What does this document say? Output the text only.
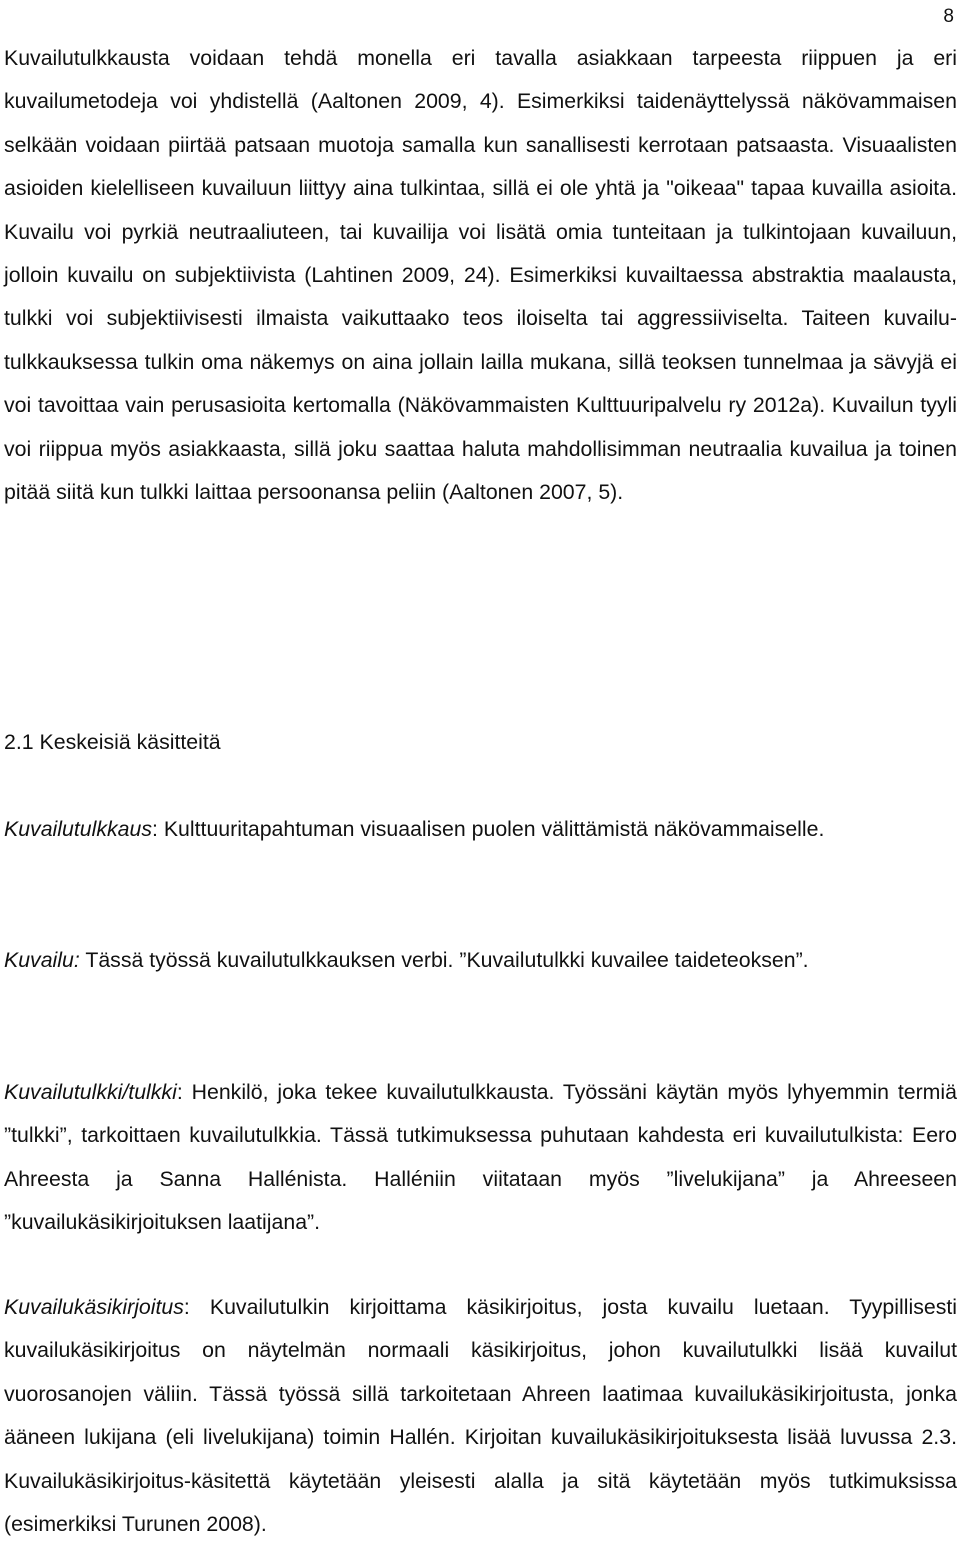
8

Kuvailutulkkausta voidaan tehdä monella eri tavalla asiakkaan tarpeesta riippuen ja eri kuvailumetodeja voi yhdistellä (Aaltonen 2009, 4). Esimerkiksi taidenäyttelyssä näkövammaisen selkään voidaan piirtää patsaan muotoja samalla kun sanallisesti kerrotaan patsaasta. Visuaalisten asioiden kielelliseen kuvailuun liittyy aina tulkintaa, sillä ei ole yhtä ja "oikeaa" tapaa kuvailla asioita. Kuvailu voi pyrkiä neutraaliuteen, tai kuvailija voi lisätä omia tunteitaan ja tulkintojaan kuvailuun, jolloin kuvailu on subjektiivista (Lahtinen 2009, 24). Esimerkiksi kuvailtaessa abstraktia maalausta, tulkki voi subjektiivisesti ilmaista vaikuttaako teos iloiselta tai aggressiiviselta. Taiteen kuvailutulkkauksessa tulkin oma näkemys on aina jollain lailla mukana, sillä teoksen tunnelmaa ja sävyjä ei voi tavoittaa vain perusasioita kertomalla (Näkövammaisten Kulttuuripalvelu ry 2012a). Kuvailun tyyli voi riippua myös asiakkaasta, sillä joku saattaa haluta mahdollisimman neutraalia kuvailua ja toinen pitää siitä kun tulkki laittaa persoonansa peliin (Aaltonen 2007, 5).

2.1 Keskeisiä käsitteitä

Kuvailutulkkaus: Kulttuuritapahtuman visuaalisen puolen välittämistä näkövammaiselle.

Kuvailu: Tässä työssä kuvailutulkkauksen verbi. ”Kuvailutulkki kuvailee taideteoksen”.

Kuvailutulkki/tulkki: Henkilö, joka tekee kuvailutulkkausta. Työssäni käytän myös lyhyemmin termiä ”tulkki”, tarkoittaen kuvailutulkkia. Tässä tutkimuksessa puhutaan kahdesta eri kuvailutulkista: Eero Ahreesta ja Sanna Hallénista. Halléniin viitataan myös ”livelukijana” ja Ahreeseen ”kuvailukäsikirjoituksen laatijana”.

Kuvailukäsikirjoitus: Kuvailutulkin kirjoittama käsikirjoitus, josta kuvailu luetaan. Tyypillisesti kuvailukäsikirjoitus on näytelmän normaali käsikirjoitus, johon kuvailutulkki lisää kuvailut vuorosanojen väliin. Tässä työssä sillä tarkoitetaan Ahreen laatimaa kuvailukäsikirjoitusta, jonka ääneen lukijana (eli livelukijana) toimin Hallén. Kirjoitan kuvailukäsikirjoituksesta lisää luvussa 2.3. Kuvailukäsikirjoitus-käsitettä käytetään yleisesti alalla ja sitä käytetään myös tutkimuksissa (esimerkiksi Turunen 2008).
